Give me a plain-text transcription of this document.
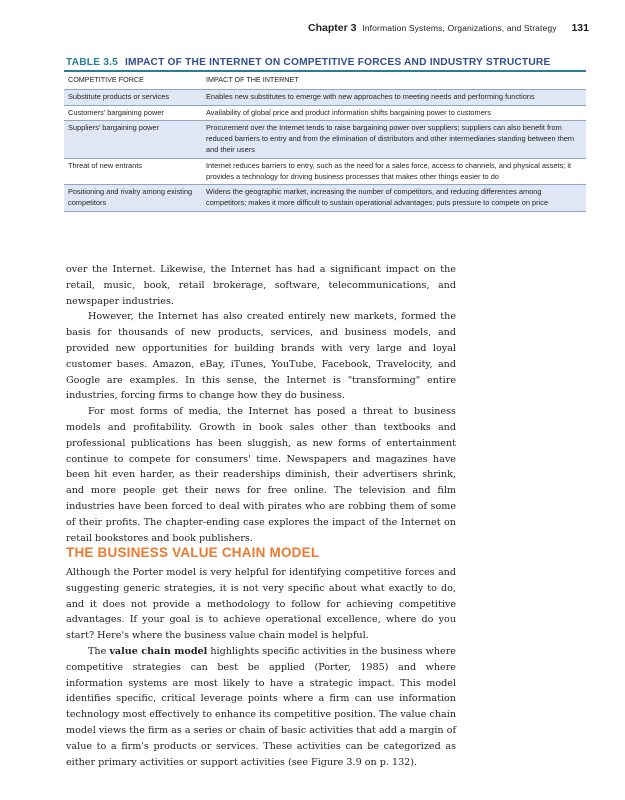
Chapter 3 Information Systems, Organizations, and Strategy 131
TABLE 3.5 IMPACT OF THE INTERNET ON COMPETITIVE FORCES AND INDUSTRY STRUCTURE
COMPETITIVE FORCE	IMPACT OF THE INTERNET
Substitute products or services	Enables new substitutes to emerge with new approaches to meeting needs and performing functions
Customers' bargaining power	Availability of global price and product information shifts bargaining power to customers
Suppliers' bargaining power	Procurement over the Internet tends to raise bargaining power over suppliers; suppliers can also benefit from reduced barriers to entry and from the elimination of distributors and other intermediaries standing between them and their users
Threat of new entrants	Internet reduces barriers to entry, such as the need for a sales force, access to channels, and physical assets; it provides a technology for driving business processes that makes other things easier to do
Positioning and rivalry among existing competitors	Widens the geographic market, increasing the number of competitors, and reducing differences among competitors; makes it more difficult to sustain operational advantages; puts pressure to compete on price

over the Internet. Likewise, the Internet has had a significant impact on the retail, music, book, retail brokerage, software, telecommunications, and newspaper industries.

However, the Internet has also created entirely new markets, formed the basis for thousands of new products, services, and business models, and provided new opportunities for building brands with very large and loyal customer bases. Amazon, eBay, iTunes, YouTube, Facebook, Travelocity, and Google are examples. In this sense, the Internet is "transforming" entire industries, forcing firms to change how they do business.

For most forms of media, the Internet has posed a threat to business models and profitability. Growth in book sales other than textbooks and professional publications has been sluggish, as new forms of entertainment continue to compete for consumers' time. Newspapers and magazines have been hit even harder, as their readerships diminish, their advertisers shrink, and more people get their news for free online. The television and film industries have been forced to deal with pirates who are robbing them of some of their profits. The chapter-ending case explores the impact of the Internet on retail bookstores and book publishers.

THE BUSINESS VALUE CHAIN MODEL

Although the Porter model is very helpful for identifying competitive forces and suggesting generic strategies, it is not very specific about what exactly to do, and it does not provide a methodology to follow for achieving competitive advantages. If your goal is to achieve operational excellence, where do you start? Here's where the business value chain model is helpful.

The value chain model highlights specific activities in the business where competitive strategies can best be applied (Porter, 1985) and where information systems are most likely to have a strategic impact. This model identifies specific, critical leverage points where a firm can use information technology most effectively to enhance its competitive position. The value chain model views the firm as a series or chain of basic activities that add a margin of value to a firm's products or services. These activities can be categorized as either primary activities or support activities (see Figure 3.9 on p. 132).
